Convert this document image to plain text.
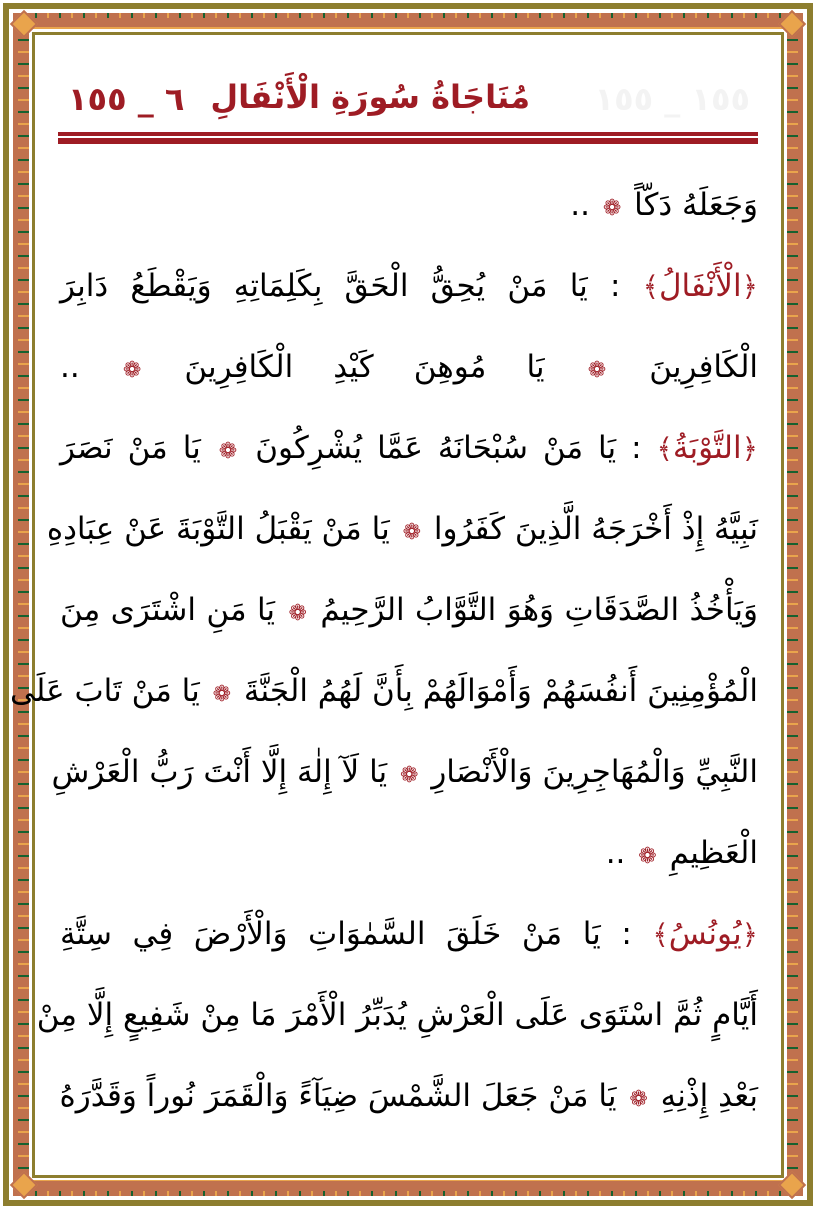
١٥٥ _ ١٥٥
مُنَاجَاةُ سُورَةِ الْأَنْفَالِ
٦ _ ١٥٥
وَجَعَلَهُ دَكّاً ❁ ..
﴿الْأَنْفَالُ﴾ : يَا مَنْ يُحِقُّ الْحَقَّ بِكَلِمَاتِهِ وَيَقْطَعُ دَابِرَ
الْكَافِرِينَ ❁ يَا مُوهِنَ كَيْدِ الْكَافِرِينَ ❁ ..
﴿التَّوْبَةُ﴾ : يَا مَنْ سُبْحَانَهُ عَمَّا يُشْرِكُونَ ❁ يَا مَنْ نَصَرَ
نَبِيَّهُ إِذْ أَخْرَجَهُ الَّذِينَ كَفَرُوا ❁ يَا مَنْ يَقْبَلُ التَّوْبَةَ عَنْ عِبَادِهِ
وَيَأْخُذُ الصَّدَقَاتِ وَهُوَ التَّوَّابُ الرَّحِيمُ ❁ يَا مَنِ اشْتَرَى مِنَ
الْمُؤْمِنِينَ أَنفُسَهُمْ وَأَمْوَالَهُمْ بِأَنَّ لَهُمُ الْجَنَّةَ ❁ يَا مَنْ تَابَ عَلَى
النَّبِيِّ وَالْمُهَاجِرِينَ وَالْأَنْصَارِ ❁ يَا لَآ إِلٰهَ إِلَّا أَنْتَ رَبُّ الْعَرْشِ
الْعَظِيمِ ❁ ..
﴿يُونُسُ﴾ : يَا مَنْ خَلَقَ السَّمٰوَاتِ وَالْأَرْضَ فِي سِتَّةِ
أَيَّامٍ ثُمَّ اسْتَوَى عَلَى الْعَرْشِ يُدَبِّرُ الْأَمْرَ مَا مِنْ شَفِيعٍ إِلَّا مِنْ
بَعْدِ إِذْنِهِ ❁ يَا مَنْ جَعَلَ الشَّمْسَ ضِيَآءً وَالْقَمَرَ نُوراً وَقَدَّرَهُ
